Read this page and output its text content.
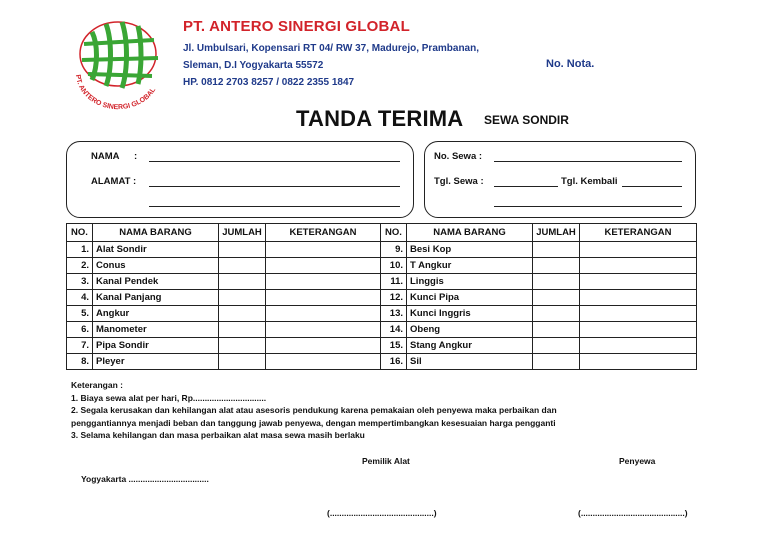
PT. ANTERO SINERGI GLOBAL
PT. ANTERO SINERGI GLOBAL
Jl. Umbulsari, Kopensari RT 04/ RW 37, Madurejo, Prambanan,
Sleman, D.I Yogyakarta 55572
HP. 0812 2703 8257 / 0822 2355 1847
No. Nota.
TANDA TERIMA SEWA SONDIR
NAMA :
ALAMAT :
No. Sewa :
Tgl. Sewa :	Tgl. Kembali
NO.	NAMA BARANG	JUMLAH	KETERANGAN	NO.	NAMA BARANG	JUMLAH	KETERANGAN
1.	Alat Sondir			9.	Besi Kop		
2.	Conus			10.	T Angkur		
3.	Kanal Pendek			11.	Linggis		
4.	Kanal Panjang			12.	Kunci Pipa		
5.	Angkur			13.	Kunci Inggris		
6.	Manometer			14.	Obeng		
7.	Pipa Sondir			15.	Stang Angkur		
8.	Pleyer			16.	Sil		
Keterangan :
1. Biaya sewa alat per hari, Rp...............................
2. Segala kerusakan dan kehilangan alat atau asesoris pendukung karena pemakaian oleh penyewa maka perbaikan dan
penggantiannya menjadi beban dan tanggung jawab penyewa, dengan mempertimbangkan kesesuaian harga pengganti
3. Selama kehilangan dan masa perbaikan alat masa sewa masih berlaku
Pemilik Alat	Penyewa
Yogyakarta ..................................
(............................................)	(............................................)
